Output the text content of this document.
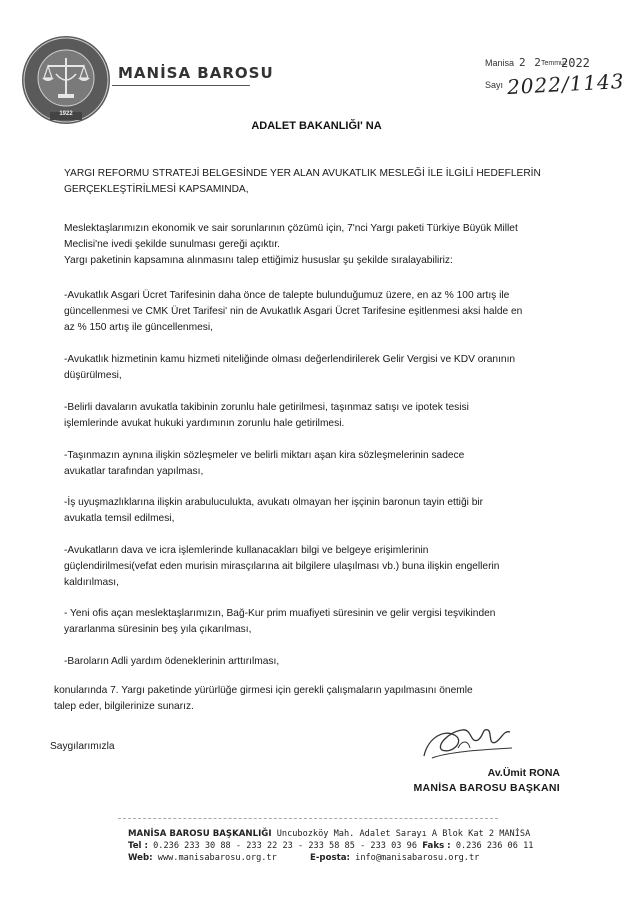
1922
MANİSA BAROSU
Manisa 2 2 Temmuz
2022
Sayı 2022/1143
ADALET BAKANLIĞI' NA

YARGI REFORMU STRATEJİ BELGESİNDE YER ALAN AVUKATLIK MESLEĞİ İLE İLGİLİ HEDEFLERİN

GERÇEKLEŞTİRİLMESİ KAPSAMINDA,

Meslektaşlarımızın ekonomik ve sair sorunlarının çözümü için, 7'nci Yargı paketi Türkiye Büyük Millet

Meclisi'ne ivedi şekilde sunulması gereği açıktır.

Yargı paketinin kapsamına alınmasını talep ettiğimiz hususlar şu şekilde sıralayabiliriz:

-Avukatlık Asgari Ücret Tarifesinin daha önce de talepte bulunduğumuz üzere, en az % 100 artış ile

güncellenmesi ve CMK Üret Tarifesi' nin de Avukatlık Asgari Ücret Tarifesine eşitlenmesi aksi halde en

az % 150 artış ile güncellenmesi,

-Avukatlık hizmetinin kamu hizmeti niteliğinde olması değerlendirilerek Gelir Vergisi ve KDV oranının

düşürülmesi,

-Belirli davaların avukatla takibinin zorunlu hale getirilmesi, taşınmaz satışı ve ipotek tesisi

işlemlerinde avukat hukuki yardımının zorunlu hale getirilmesi.

-Taşınmazın aynına ilişkin sözleşmeler ve belirli miktarı aşan kira sözleşmelerinin sadece

avukatlar tarafından yapılması,

-İş uyuşmazlıklarına ilişkin arabuluculukta, avukatı olmayan her işçinin baronun tayin ettiği bir

avukatla temsil edilmesi,

-Avukatların dava ve icra işlemlerinde kullanacakları bilgi ve belgeye erişimlerinin

güçlendirilmesi(vefat eden murisin mirasçılarına ait bilgilere ulaşılması vb.) buna ilişkin engellerin

kaldırılması,

- Yeni ofis açan meslektaşlarımızın, Bağ-Kur prim muafiyeti süresinin ve gelir vergisi teşvikinden

yararlanma süresinin beş yıla çıkarılması,

-Baroların Adli yardım ödeneklerinin arttırılması,

konularında 7. Yargı paketinde yürürlüğe girmesi için gerekli çalışmaların yapılmasını önemle

talep eder, bilgilerinize sunarız.

Saygılarımızla
Av.Ümit RONA
MANİSA BAROSU BAŞKANI
MANİSA BAROSU BAŞKANLIĞI Uncubozköy Mah. Adalet Sarayı A Blok Kat 2 MANİSA
Tel : 0.236 233 30 88 - 233 22 23 - 233 58 85 - 233 03 96 Faks : 0.236 236 06 11
Web: www.manisabarosu.org.tr	E-posta: info@manisabarosu.org.tr
